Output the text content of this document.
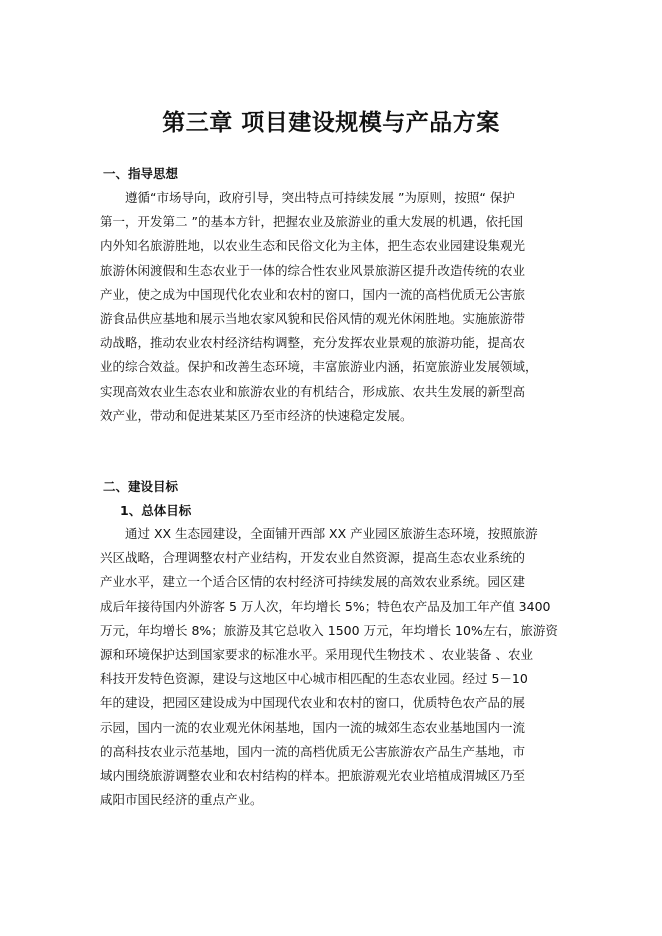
第三章 项目建设规模与产品方案
一、指导思想
遵循“市场导向，政府引导，突出特点可持续发展 ”为原则，按照“ 保护
第一，开发第二 ”的基本方针，把握农业及旅游业的重大发展的机遇，依托国
内外知名旅游胜地，以农业生态和民俗文化为主体，把生态农业园建设集观光
旅游休闲渡假和生态农业于一体的综合性农业风景旅游区提升改造传统的农业
产业，使之成为中国现代化农业和农村的窗口，国内一流的高档优质无公害旅
游食品供应基地和展示当地农家风貌和民俗风情的观光休闲胜地。实施旅游带
动战略，推动农业农村经济结构调整，充分发挥农业景观的旅游功能，提高农
业的综合效益。保护和改善生态环境，丰富旅游业内涵，拓宽旅游业发展领域，
实现高效农业生态农业和旅游农业的有机结合，形成旅、农共生发展的新型高
效产业，带动和促进某某区乃至市经济的快速稳定发展。
二、建设目标
1、总体目标
通过 XX 生态园建设，全面铺开西部 XX 产业园区旅游生态环境，按照旅游
兴区战略，合理调整农村产业结构，开发农业自然资源，提高生态农业系统的
产业水平，建立一个适合区情的农村经济可持续发展的高效农业系统。园区建
成后年接待国内外游客 5 万人次，年均增长 5%；特色农产品及加工年产值 3400
万元，年均增长 8%；旅游及其它总收入 1500 万元，年均增长 10%左右，旅游资
源和环境保护达到国家要求的标准水平。采用现代生物技术 、农业装备 、农业
科技开发特色资源，建设与这地区中心城市相匹配的生态农业园。经过 5－10
年的建设，把园区建设成为中国现代农业和农村的窗口，优质特色农产品的展
示园，国内一流的农业观光休闲基地，国内一流的城郊生态农业基地国内一流
的高科技农业示范基地，国内一流的高档优质无公害旅游农产品生产基地，市
域内围绕旅游调整农业和农村结构的样本。把旅游观光农业培植成渭城区乃至
咸阳市国民经济的重点产业。
